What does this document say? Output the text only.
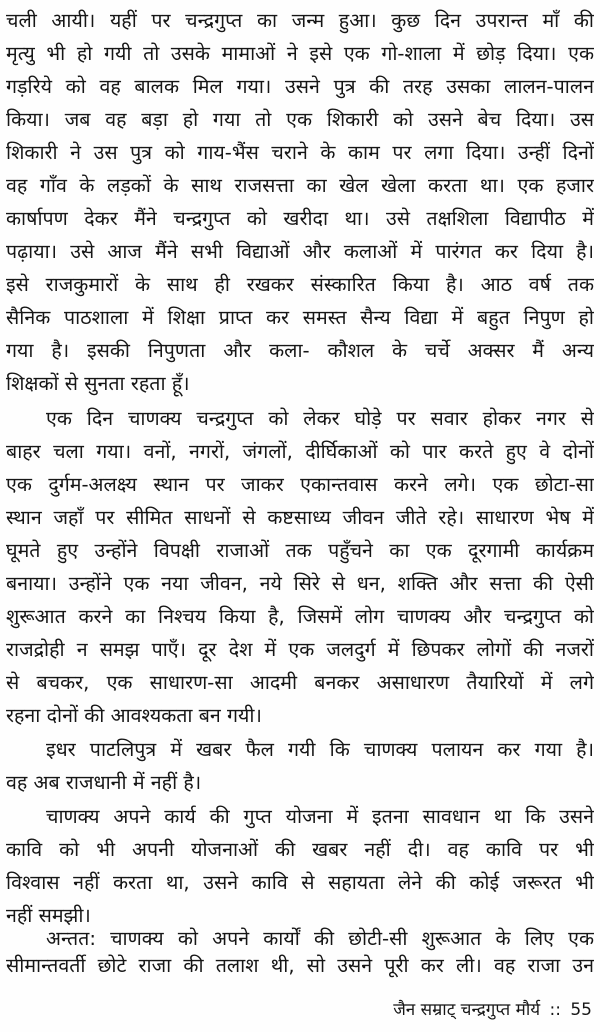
चली आयी। यहीं पर चन्द्रगुप्त का जन्म हुआ। कुछ दिन उपरान्त माँ की
मृत्यु भी हो गयी तो उसके मामाओं ने इसे एक गो-शाला में छोड़ दिया। एक
गड़रिये को वह बालक मिल गया। उसने पुत्र की तरह उसका लालन-पालन
किया। जब वह बड़ा हो गया तो एक शिकारी को उसने बेच दिया। उस
शिकारी ने उस पुत्र को गाय-भैंस चराने के काम पर लगा दिया। उन्हीं दिनों
वह गाँव के लड़कों के साथ राजसत्ता का खेल खेला करता था। एक हजार
कार्षापण देकर मैंने चन्द्रगुप्त को खरीदा था। उसे तक्षशिला विद्यापीठ में
पढ़ाया। उसे आज मैंने सभी विद्याओं और कलाओं में पारंगत कर दिया है।
इसे राजकुमारों के साथ ही रखकर संस्कारित किया है। आठ वर्ष तक
सैनिक पाठशाला में शिक्षा प्राप्त कर समस्त सैन्य विद्या में बहुत निपुण हो
गया है। इसकी निपुणता और कला- कौशल के चर्चे अक्सर मैं अन्य
शिक्षकों से सुनता रहता हूँ।
एक दिन चाणक्य चन्द्रगुप्त को लेकर घोड़े पर सवार होकर नगर से
बाहर चला गया। वनों, नगरों, जंगलों, दीर्घिकाओं को पार करते हुए वे दोनों
एक दुर्गम-अलक्ष्य स्थान पर जाकर एकान्तवास करने लगे। एक छोटा-सा
स्थान जहाँ पर सीमित साधनों से कष्टसाध्य जीवन जीते रहे। साधारण भेष में
घूमते हुए उन्होंने विपक्षी राजाओं तक पहुँचने का एक दूरगामी कार्यक्रम
बनाया। उन्होंने एक नया जीवन, नये सिरे से धन, शक्ति और सत्ता की ऐसी
शुरूआत करने का निश्चय किया है, जिसमें लोग चाणक्य और चन्द्रगुप्त को
राजद्रोही न समझ पाएँ। दूर देश में एक जलदुर्ग में छिपकर लोगों की नजरों
से बचकर, एक साधारण-सा आदमी बनकर असाधारण तैयारियों में लगे
रहना दोनों की आवश्यकता बन गयी।
इधर पाटलिपुत्र में खबर फैल गयी कि चाणक्य पलायन कर गया है।
वह अब राजधानी में नहीं है।
चाणक्य अपने कार्य की गुप्त योजना में इतना सावधान था कि उसने
कावि को भी अपनी योजनाओं की खबर नहीं दी। वह कावि पर भी
विश्वास नहीं करता था, उसने कावि से सहायता लेने की कोई जरूरत भी
नहीं समझी।
अन्तत: चाणक्य को अपने कार्यों की छोटी-सी शुरूआत के लिए एक
सीमान्तवर्ती छोटे राजा की तलाश थी, सो उसने पूरी कर ली। वह राजा उन
जैन सम्राट् चन्द्रगुप्त मौर्य :: 55
